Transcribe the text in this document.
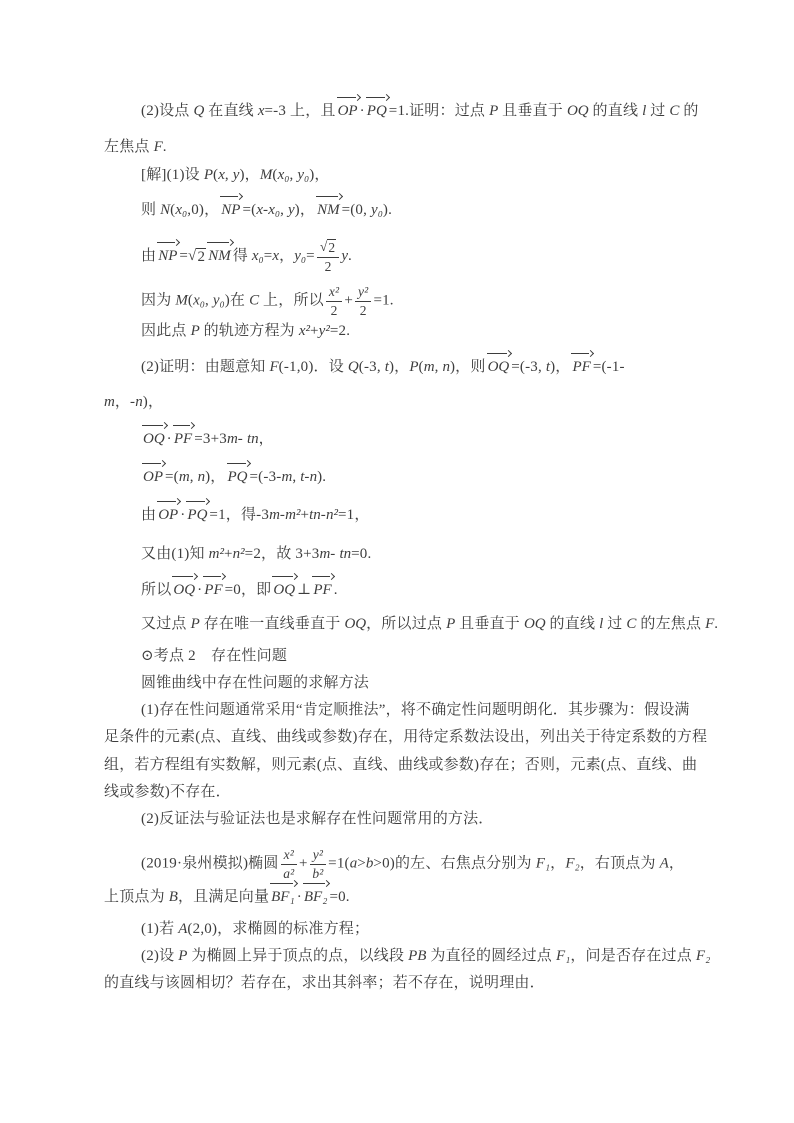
(2)设点 Q 在直线 x=-3 上，且 OP · PQ =1.证明：过点 P 且垂直于 OQ 的直线 l 过 C 的
左焦点 F.
[解](1)设 P(x, y)，M(x₀, y₀)，
则 N(x₀,0)， NP =(x-x₀, y)， NM =(0, y₀).
由 NP = √ 2 NM 得 x₀=x，$y_0= \frac{√ 2}{2} y$.
因为 M(x₀, y₀)在 C 上，所以 $\frac{\text{x²}}{2} + \frac{\text{y²}}{2} =1$.
因此点 P 的轨迹方程为 x²+y²=2.
(2)证明：由题意知 F(-1,0)．设 Q(-3, t)，P(m, n)，则 OQ =(-3, t)， PF =(-1-
m，-n)，
OQ · PF =3+3m- tn，
OP =(m, n)， PQ =(-3-m, t-n).
由 OP · PQ =1，得-3m-m²+tn-n²=1，
又由(1)知 m²+n²=2，故 3+3m- tn=0.
所以 OQ · PF =0，即 OQ ⊥ PF .
又过点 P 存在唯一直线垂直于 OQ，所以过点 P 且垂直于 OQ 的直线 l 过 C 的左焦点 F.
⊙考点 2　存在性问题
圆锥曲线中存在性问题的求解方法
(1)存在性问题通常采用“肯定顺推法”，将不确定性问题明朗化．其步骤为：假设满
足条件的元素(点、直线、曲线或参数)存在，用待定系数法设出，列出关于待定系数的方程
组，若方程组有实数解，则元素(点、直线、曲线或参数)存在；否则，元素(点、直线、曲
线或参数)不存在．
(2)反证法与验证法也是求解存在性问题常用的方法．
(2019·泉州模拟)椭圆 $\frac{\text{x²}}{\text{a²}} + \frac{\text{y²}}{\text{b²}} =1(a>b>0)$的左、右焦点分别为 F₁，F₂，右顶点为 A，
上顶点为 B，且满足向量 BF₁ · BF₂ =0.
(1)若 A(2,0)，求椭圆的标准方程；
(2)设 P 为椭圆上异于顶点的点，以线段 PB 为直径的圆经过点 F₁，问是否存在过点 F₂
的直线与该圆相切？若存在，求出其斜率；若不存在，说明理由．
